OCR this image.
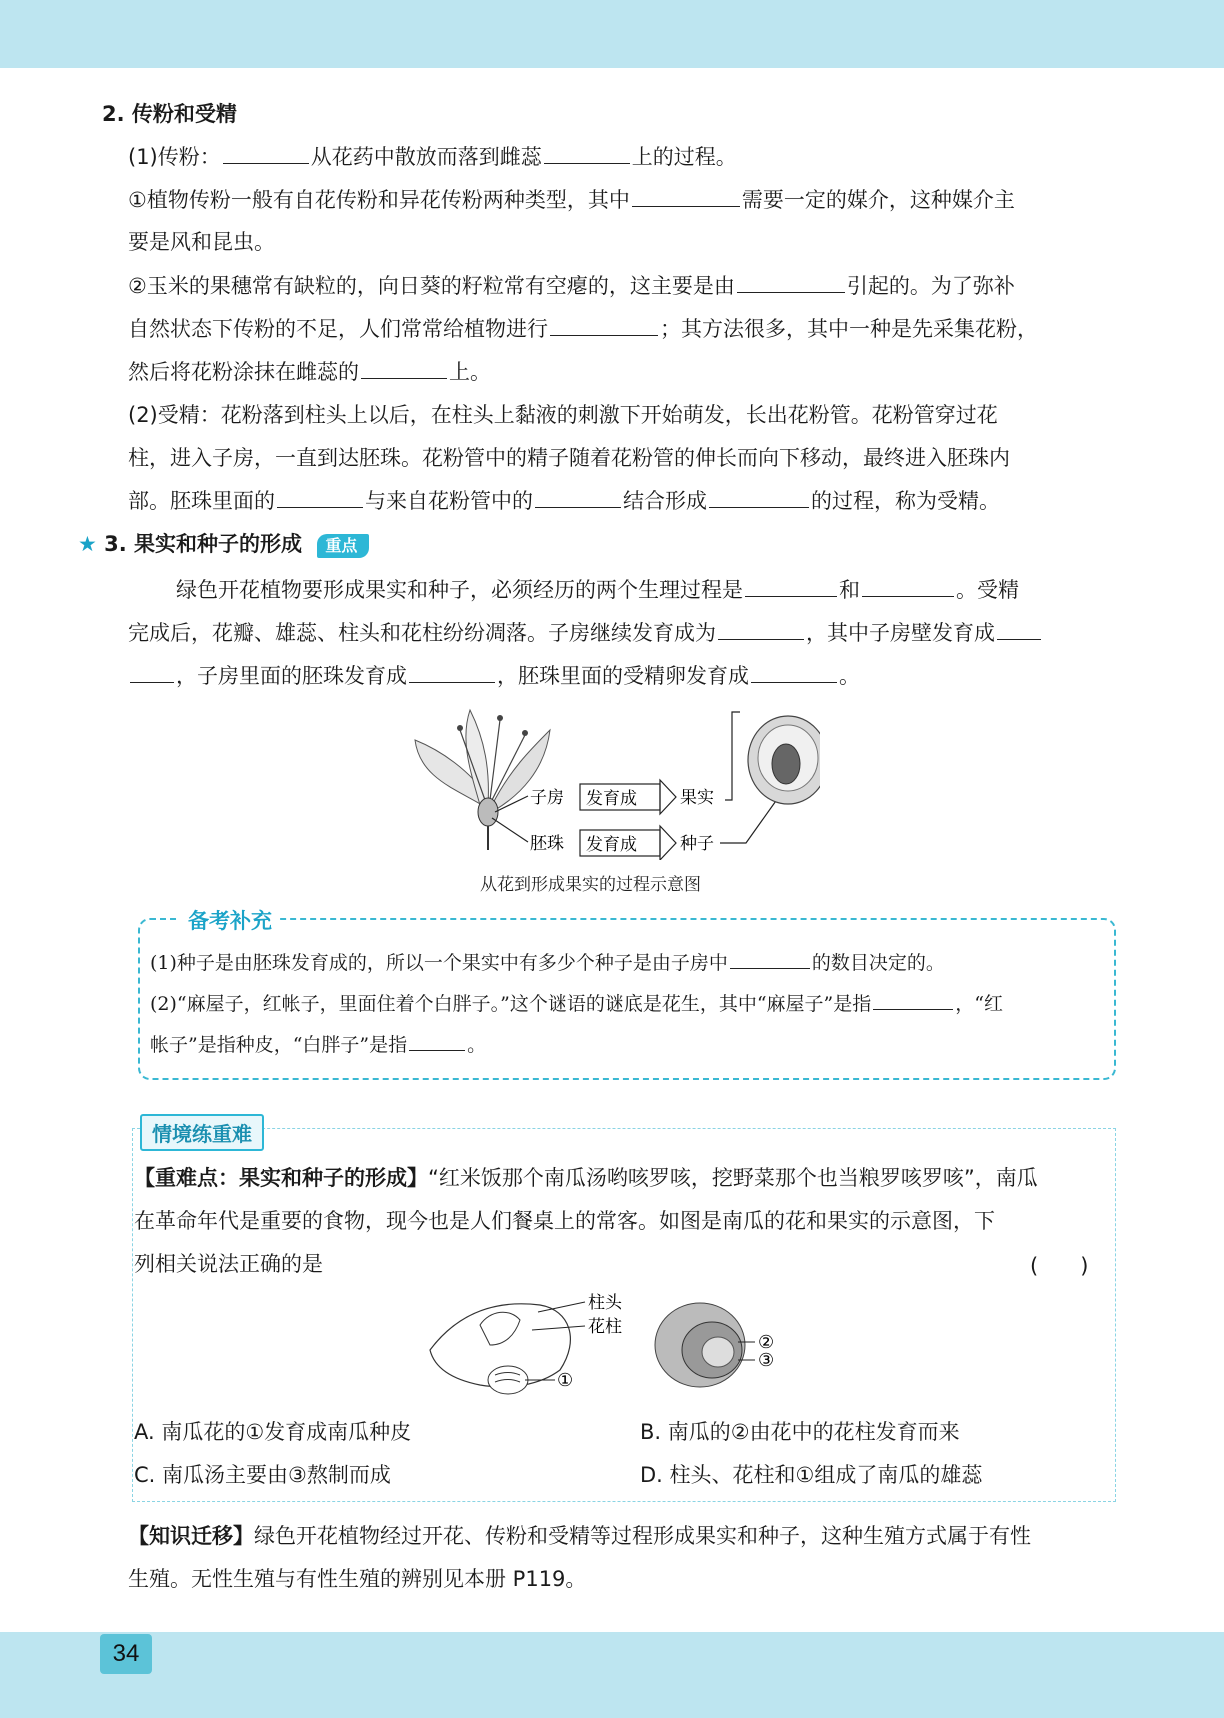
2. 传粉和受精
(1)传粉：	从花药中散放而落到雌蕊	上的过程。
①植物传粉一般有自花传粉和异花传粉两种类型，其中	需要一定的媒介，这种媒介主
要是风和昆虫。
②玉米的果穗常有缺粒的，向日葵的籽粒常有空瘪的，这主要是由	引起的。为了弥补
自然状态下传粉的不足，人们常常给植物进行	；其方法很多，其中一种是先采集花粉，
然后将花粉涂抹在雌蕊的	上。
(2)受精：花粉落到柱头上以后，在柱头上黏液的刺激下开始萌发，长出花粉管。花粉管穿过花
柱，进入子房，一直到达胚珠。花粉管中的精子随着花粉管的伸长而向下移动，最终进入胚珠内
部。胚珠里面的	与来自花粉管中的	结合形成	的过程，称为受精。
★ 3. 果实和种子的形成 重点
绿色开花植物要形成果实和种子，必须经历的两个生理过程是	和	。受精
完成后，花瓣、雄蕊、柱头和花柱纷纷凋落。子房继续发育成为	，其中子房壁发育成
，子房里面的胚珠发育成	，胚珠里面的受精卵发育成	。
子房 发育成	果实
胚珠 发育成	种子
从花到形成果实的过程示意图
备考补充
(1)种子是由胚珠发育成的，所以一个果实中有多少个种子是由子房中	的数目决定的。
(2)“麻屋子，红帐子，里面住着个白胖子。”这个谜语的谜底是花生，其中“麻屋子”是指	，“红
帐子”是指种皮，“白胖子”是指	。
情境练重难
【重难点：果实和种子的形成】“红米饭那个南瓜汤哟咳罗咳，挖野菜那个也当粮罗咳罗咳”，南瓜
在革命年代是重要的食物，现今也是人们餐桌上的常客。如图是南瓜的花和果实的示意图，下
列相关说法正确的是	(　　)
柱头
花柱
①
②
③
A. 南瓜花的①发育成南瓜种皮	B. 南瓜的②由花中的花柱发育而来
C. 南瓜汤主要由③熬制而成	D. 柱头、花柱和①组成了南瓜的雄蕊
【知识迁移】绿色开花植物经过开花、传粉和受精等过程形成果实和种子，这种生殖方式属于有性
生殖。无性生殖与有性生殖的辨别见本册 P119。
34
